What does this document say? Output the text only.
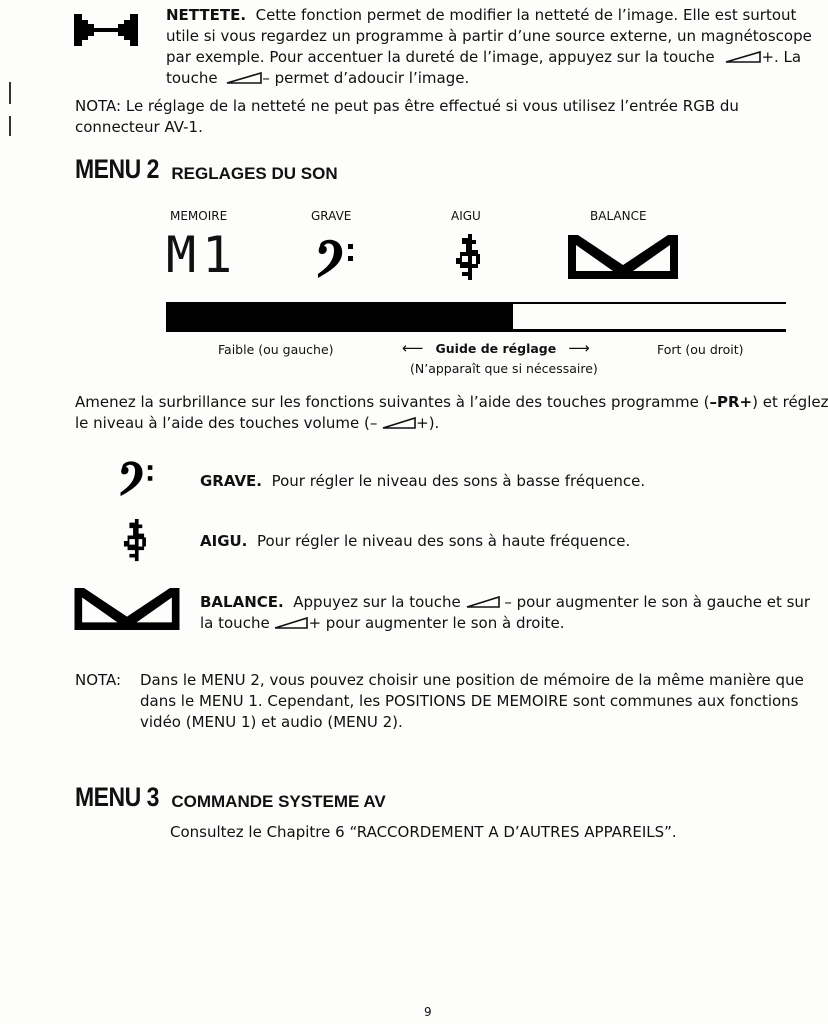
NETTETE. Cette fonction permet de modifier la netteté de l’image. Elle est surtout
utile si vous regardez un programme à partir d’une source externe, un magnétoscope
par exemple. Pour accentuer la dureté de l’image, appuyez sur la touche	+. La
touche	– permet d’adoucir l’image.
NOTA: Le réglage de la netteté ne peut pas être effectué si vous utilisez l’entrée RGB du
connecteur AV-1.
MENU 2 REGLAGES DU SON
MEMOIRE	GRAVE	AIGU	BALANCE
M1
Faible (ou gauche)	⟵ Guide de réglage ⟶
(N’apparaît que si nécessaire)
Fort (ou droit)
Amenez la surbrillance sur les fonctions suivantes à l’aide des touches programme (–PR+) et réglez
le niveau à l’aide des touches volume (–	+).
GRAVE. Pour régler le niveau des sons à basse fréquence.
AIGU. Pour régler le niveau des sons à haute fréquence.
BALANCE. Appuyez sur la touche	– pour augmenter le son à gauche et sur
la touche	+ pour augmenter le son à droite.
NOTA: Dans le MENU 2, vous pouvez choisir une position de mémoire de la même manière que
dans le MENU 1. Cependant, les POSITIONS DE MEMOIRE sont communes aux fonctions
vidéo (MENU 1) et audio (MENU 2).
MENU 3 COMMANDE SYSTEME AV
Consultez le Chapitre 6 “RACCORDEMENT A D’AUTRES APPAREILS”.
9
